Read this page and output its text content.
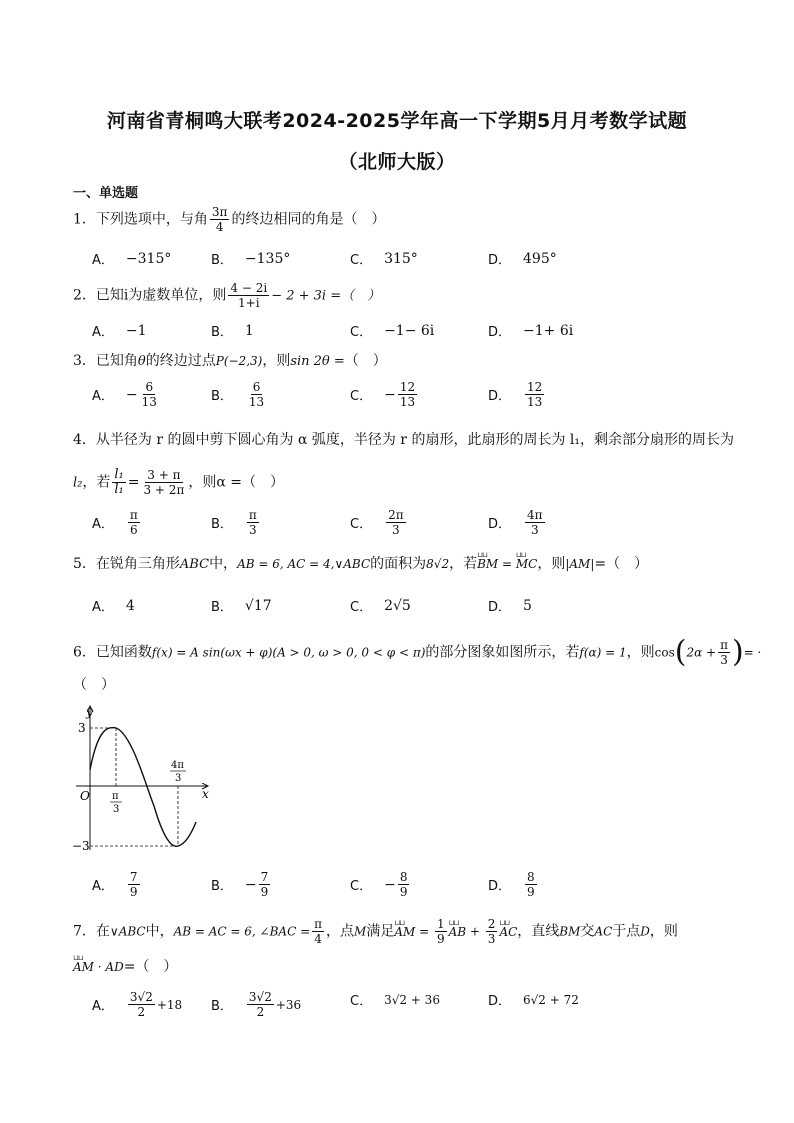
河南省青桐鸣大联考2024-2025学年高一下学期5月月考数学试题
（北师大版）
一、单选题
1．下列选项中，与角 $\frac{3\pi}{4}$ 的终边相同的角是（　）
A． −315°	B． −135°	C． 315°	D． 495°
2．已知i为虚数单位，则 $\frac{4 - 2i}{1+i} - 2 + 3i$ =（　）
A． −1	B． 1	C． −1− 6i	D． −1+ 6i
3．已知角θ的终边过点P(−2,3)，则sin 2θ =（　）
A． − $\frac{6}{13}$	B． $\frac{6}{13}$	C． − $\frac{12}{13}$	D． $\frac{12}{13}$
4．从半径为 r 的圆中剪下圆心角为 α 弧度，半径为 r 的扇形，此扇形的周长为 l₁，剩余部分扇形的周长为
l₂，若 $\frac{\text{l₁}}{\text{l₁}} = \frac{3 + \pi}{3 + 2\pi}$ ，则α =（　）
A． $\frac{\pi}{6}$	B． $\frac{\pi}{3}$	C． $\frac{2\pi}{3}$	D． $\frac{4\pi}{3}$
5．在锐角三角形ABC中，AB = 6, AC = 4,∨ABC的面积为8√2，若⊔⊔ BM = ⊔⊔ MC，则|AM|=（　）
A． 4	B． √17	C． 2√5	D． 5
6．已知函数f(x) = A sin(ωx + φ)(A > 0, ω > 0, 0 < φ < π)的部分图象如图所示，若f(α) = 1，则$\cos(2\alpha + \frac{\pi}{3}$ )= ·
（　）
y
x
O
3
−3
π
3
4π
3
A． $\frac{7}{9}$	B． − $\frac{7}{9}$	C． − $\frac{8}{9}$	D． $\frac{8}{9}$
7．在∨ABC中，AB = AC = 6, ∠BAC = $\frac{\pi}{4}$ ，点M满足⊔⊔ AM = $\frac{1}{9}$ ⊔⊔ AB + $\frac{2}{3}$ ⊔⊔ AC，直线BM交AC于点D，则
⊔⊔ AM · AD=（　）
A． $\frac{3√2}{2} +18$ B． $\frac{3√2}{2} +36$	C． 3√2 + 36	D． 6√2 + 72
